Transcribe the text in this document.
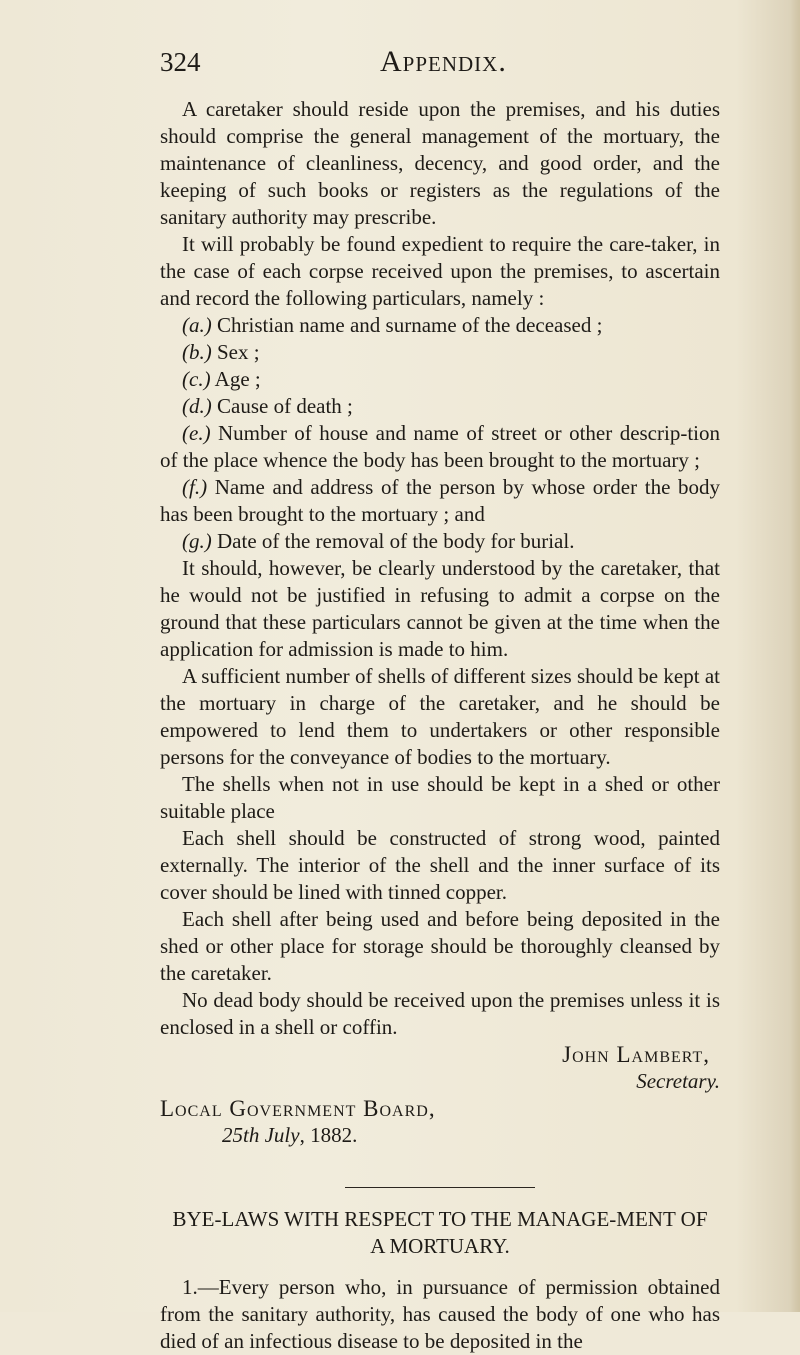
324	Appendix.

A caretaker should reside upon the premises, and his duties should comprise the general management of the mortuary, the maintenance of cleanliness, decency, and good order, and the keeping of such books or registers as the regulations of the sanitary authority may prescribe.

It will probably be found expedient to require the care-taker, in the case of each corpse received upon the premises, to ascertain and record the following particulars, namely :

(a.) Christian name and surname of the deceased ;

(b.) Sex ;

(c.) Age ;

(d.) Cause of death ;

(e.) Number of house and name of street or other descrip-tion of the place whence the body has been brought to the mortuary ;

(f.) Name and address of the person by whose order the body has been brought to the mortuary ; and

(g.) Date of the removal of the body for burial.

It should, however, be clearly understood by the caretaker, that he would not be justified in refusing to admit a corpse on the ground that these particulars cannot be given at the time when the application for admission is made to him.

A sufficient number of shells of different sizes should be kept at the mortuary in charge of the caretaker, and he should be empowered to lend them to undertakers or other responsible persons for the conveyance of bodies to the mortuary.

The shells when not in use should be kept in a shed or other suitable place

Each shell should be constructed of strong wood, painted externally. The interior of the shell and the inner surface of its cover should be lined with tinned copper.

Each shell after being used and before being deposited in the shed or other place for storage should be thoroughly cleansed by the caretaker.

No dead body should be received upon the premises unless it is enclosed in a shell or coffin.

John Lambert,

Secretary.

Local Government Board,

25th July, 1882.

BYE-LAWS WITH RESPECT TO THE MANAGE-MENT OF A MORTUARY.

1.—Every person who, in pursuance of permission obtained from the sanitary authority, has caused the body of one who has died of an infectious disease to be deposited in the
